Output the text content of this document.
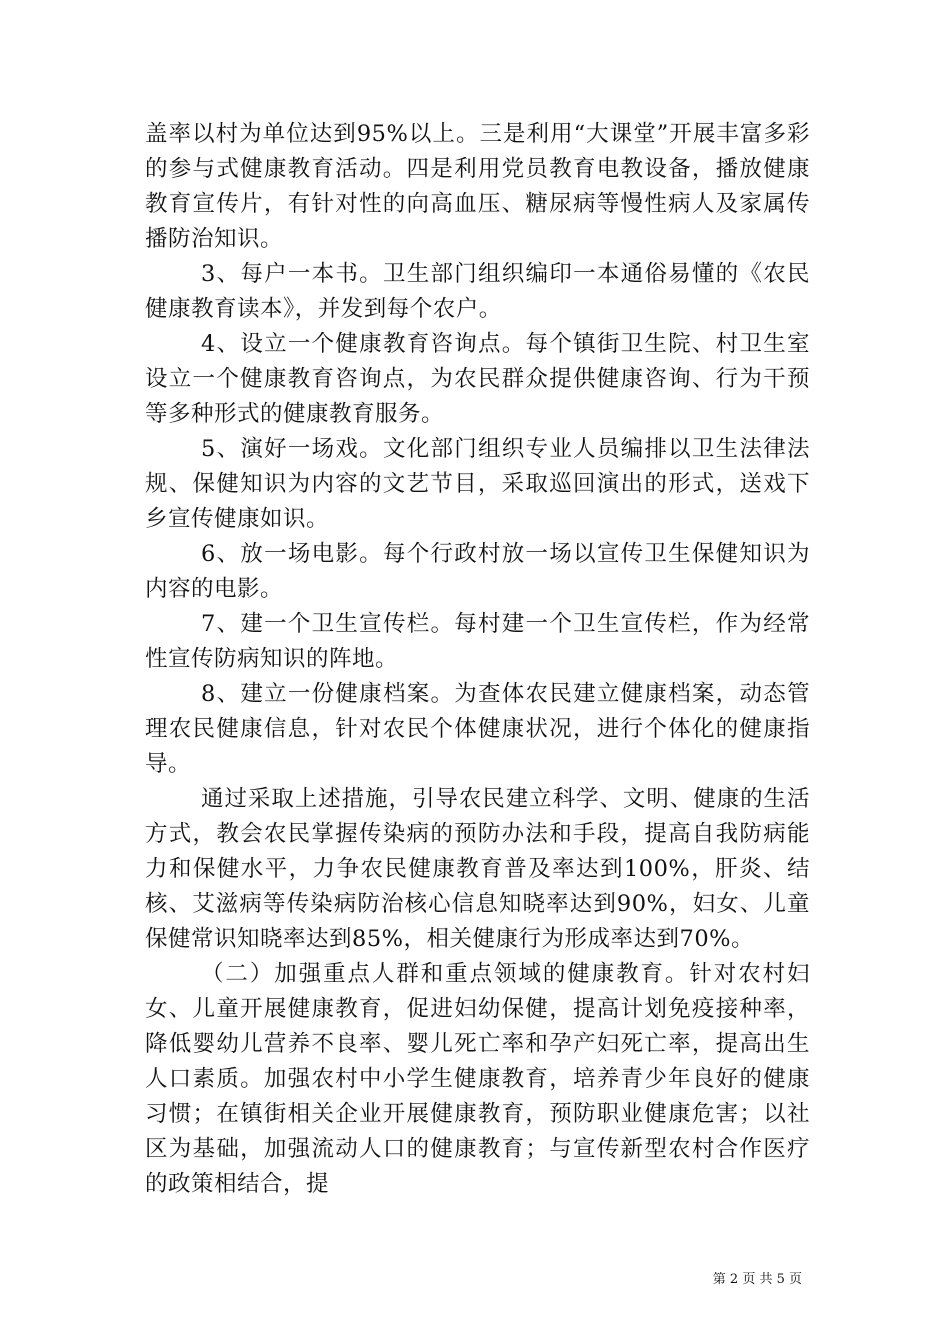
盖率以村为单位达到95%以上。三是利用“大课堂”开展丰富多彩的参与式健康教育活动。四是利用党员教育电教设备，播放健康教育宣传片，有针对性的向高血压、糖尿病等慢性病人及家属传播防治知识。

3、每户一本书。卫生部门组织编印一本通俗易懂的《农民健康教育读本》，并发到每个农户。

4、设立一个健康教育咨询点。每个镇街卫生院、村卫生室设立一个健康教育咨询点，为农民群众提供健康咨询、行为干预等多种形式的健康教育服务。

5、演好一场戏。文化部门组织专业人员编排以卫生法律法规、保健知识为内容的文艺节目，采取巡回演出的形式，送戏下乡宣传健康如识。

6、放一场电影。每个行政村放一场以宣传卫生保健知识为内容的电影。

7、建一个卫生宣传栏。每村建一个卫生宣传栏，作为经常性宣传防病知识的阵地。

8、建立一份健康档案。为查体农民建立健康档案，动态管理农民健康信息，针对农民个体健康状况，进行个体化的健康指导。

通过采取上述措施，引导农民建立科学、文明、健康的生活方式，教会农民掌握传染病的预防办法和手段，提高自我防病能力和保健水平，力争农民健康教育普及率达到100%，肝炎、结核、艾滋病等传染病防治核心信息知晓率达到90%，妇女、儿童保健常识知晓率达到85%，相关健康行为形成率达到70%。

（二）加强重点人群和重点领域的健康教育。针对农村妇女、儿童开展健康教育，促进妇幼保健，提高计划免疫接种率，降低婴幼儿营养不良率、婴儿死亡率和孕产妇死亡率，提高出生人口素质。加强农村中小学生健康教育，培养青少年良好的健康习惯；在镇街相关企业开展健康教育，预防职业健康危害；以社区为基础，加强流动人口的健康教育；与宣传新型农村合作医疗的政策相结合，提

第 2 页 共 5 页
